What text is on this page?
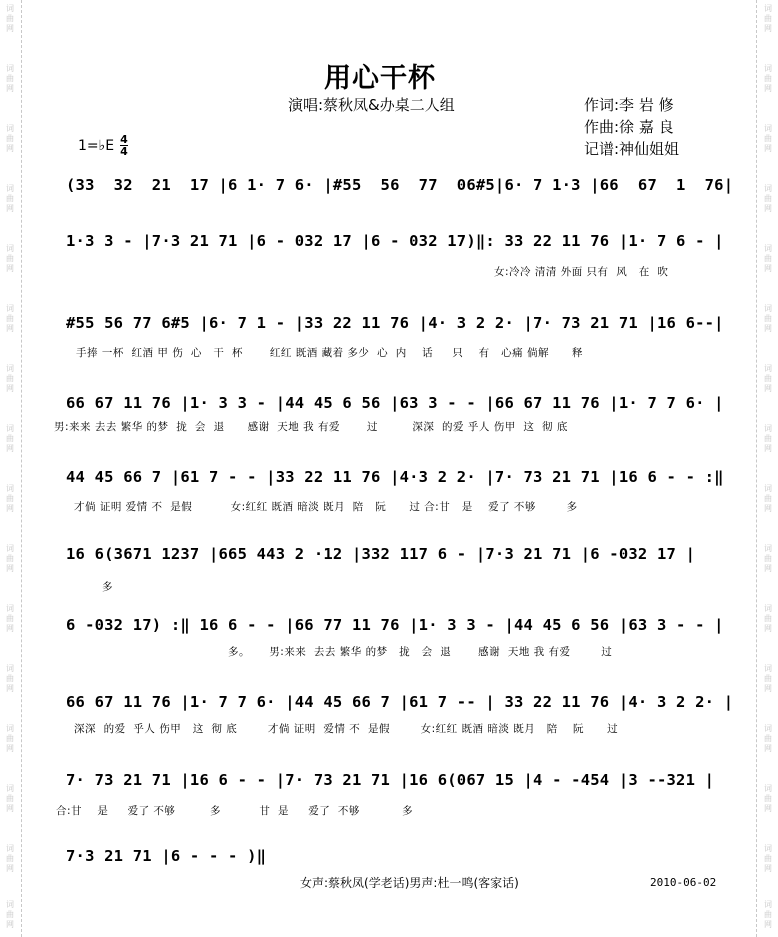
词曲网
词曲网
词曲网
词曲网
词曲网
词曲网
词曲网
词曲网
词曲网
词曲网
词曲网
词曲网
词曲网
词曲网
词曲网
词曲网
词曲网
词曲网
词曲网
词曲网
词曲网
词曲网
词曲网
词曲网
词曲网
词曲网
词曲网
词曲网
词曲网
词曲网
词曲网
词曲网
用心干杯
演唱:蔡秋凤&办桌二人组	作词:李 岩 修
作曲:徐 嘉 良
记谱:神仙姐姐
1=♭E $\frac{4}{4}$
(33  32  21  17 |6 1· 7 6· |#55  56  77  06#5|6· 7 1·3 |66  67  1  76|
1·3 3 - |7·3 21 71 |6 - 032 17 |6 - 032 17)‖: 33 22 11 76 |1· 7 6 - |
女:冷冷 清清 外面 只有  风   在  吹
#55 56 77 6#5 |6· 7 1 - |33 22 11 76 |4· 3 2 2· |7· 73 21 71 |16 6--|
手捧 一杯  红酒 甲 伤  心   干  杯       红红 既酒 藏着 多少  心  内    话     只    有   心痛 倘解      释
66 67 11 76 |1· 3 3 - |44 45 6 56 |63 3 - - |66 67 11 76 |1· 7 7 6· |
男:来来 去去 繁华 的梦  拢  会  退      感谢  天地 我 有爱       过         深深  的爱 乎人 伤甲  这  彻 底
44 45 66 7 |61 7 - - |33 22 11 76 |4·3 2 2· |7· 73 21 71 |16 6 - - :‖
才倘 证明 爱情 不  是假          女:红红 既酒 暗淡 既月  陪   阮      过 合:甘   是    爱了 不够        多
16 6(3671 1237 |665 443 2 ·12 |332 117 6 - |7·3 21 71 |6 -032 17 |
多
6 -032 17) :‖ 16 6 - - |66 77 11 76 |1· 3 3 - |44 45 6 56 |63 3 - - |
多。     男:来来  去去 繁华 的梦   拢   会  退       感谢  天地 我 有爱        过
66 67 11 76 |1· 7 7 6· |44 45 66 7 |61 7 -- | 33 22 11 76 |4· 3 2 2· |
深深  的爱  乎人 伤甲   这  彻 底        才倘 证明  爱情 不  是假        女:红红 既酒 暗淡 既月   陪    阮      过
7· 73 21 71 |16 6 - - |7· 73 21 71 |16 6(067 15 |4 - -454 |3 --321 |
合:甘    是     爱了 不够         多          甘  是     爱了  不够           多
7·3 21 71 |6 - - - )‖
女声:蔡秋凤(学老话)男声:杜一鸣(客家话)	2010-06-02
